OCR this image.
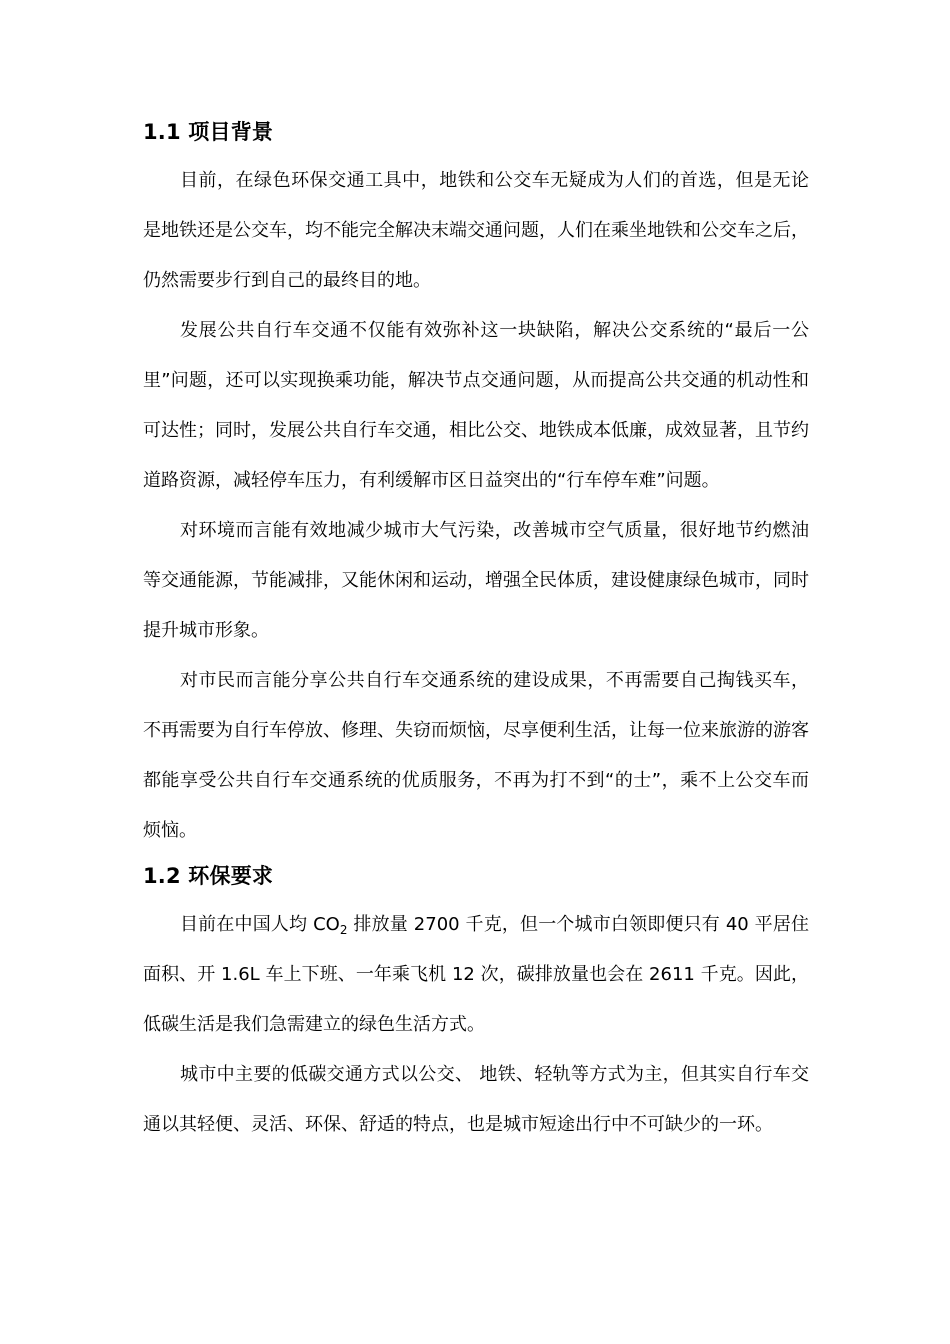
1.1 项目背景

目前，在绿色环保交通工具中，地铁和公交车无疑成为人们的首选，但是无论是地铁还是公交车，均不能完全解决末端交通问题，人们在乘坐地铁和公交车之后，仍然需要步行到自己的最终目的地。

发展公共自行车交通不仅能有效弥补这一块缺陷，解决公交系统的“最后一公里”问题，还可以实现换乘功能，解决节点交通问题，从而提高公共交通的机动性和可达性；同时，发展公共自行车交通，相比公交、地铁成本低廉，成效显著，且节约道路资源，减轻停车压力，有利缓解市区日益突出的“行车停车难”问题。

对环境而言能有效地减少城市大气污染，改善城市空气质量，很好地节约燃油等交通能源，节能减排，又能休闲和运动，增强全民体质，建设健康绿色城市，同时提升城市形象。

对市民而言能分享公共自行车交通系统的建设成果，不再需要自己掏钱买车，不再需要为自行车停放、修理、失窃而烦恼，尽享便利生活，让每一位来旅游的游客都能享受公共自行车交通系统的优质服务，不再为打不到“的士”，乘不上公交车而烦恼。

1.2 环保要求

目前在中国人均 $CO_2$ 排放量 2700 千克，但一个城市白领即便只有 40 平居住面积、开 1.6L 车上下班、一年乘飞机 12 次，碳排放量也会在 2611 千克。因此，低碳生活是我们急需建立的绿色生活方式。

城市中主要的低碳交通方式以公交、 地铁、轻轨等方式为主，但其实自行车交通以其轻便、灵活、环保、舒适的特点，也是城市短途出行中不可缺少的一环。
